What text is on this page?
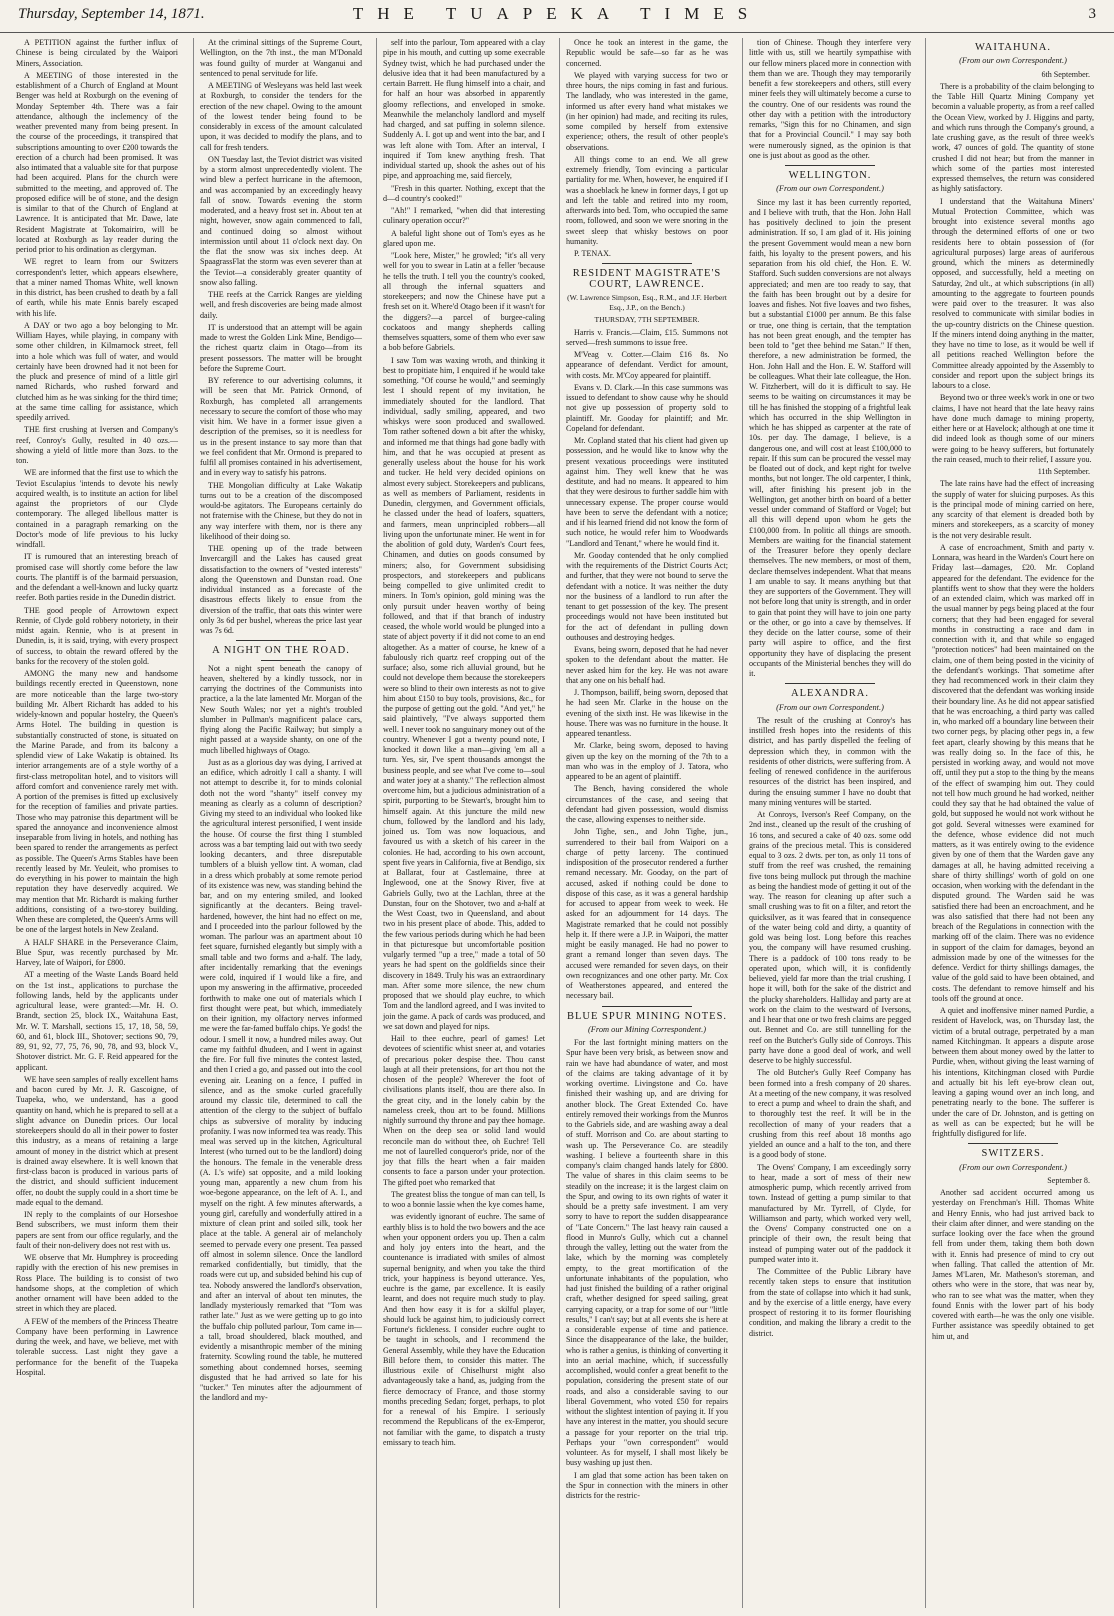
Thursday, September 14, 1871.	THE TUAPEKA TIMES	3

A PETITION against the further influx of Chinese is being circulated by the Waipori Miners, Association.

A MEETING of those interested in the establishment of a Church of England at Mount Benger was held at Roxburgh on the evening of Monday September 4th. There was a fair attendance, although the inclemency of the weather prevented many from being present. In the course of the proceedings, it transpired that subscriptions amounting to over £200 towards the erection of a church had been promised. It was also intimated that a valuable site for that purpose had been acquired. Plans for the church were submitted to the meeting, and approved of. The proposed edifice will be of stone, and the design is similar to that of the Church of England at Lawrence. It is anticipated that Mr. Dawe, late Resident Magistrate at Tokomairiro, will be located at Roxburgh as lay reader during the period prior to his ordination as clergyman.

WE regret to learn from our Switzers correspondent's letter, which appears elsewhere, that a miner named Thomas White, well known in this district, has been crushed to death by a fall of earth, while his mate Ennis barely escaped with his life.

A DAY or two ago a boy belonging to Mr. William Hayes, while playing, in company with some other children, in Kilmarnock street, fell into a hole which was full of water, and would certainly have been drowned had it not been for the pluck and presence of mind of a little girl named Richards, who rushed forward and clutched him as he was sinking for the third time; at the same time calling for assistance, which speedily arrived.

THE first crushing at Iversen and Company's reef, Conroy's Gully, resulted in 40 ozs.—showing a yield of little more than 3ozs. to the ton.

WE are informed that the first use to which the Teviot Esculapius 'intends to devote his newly acquired wealth, is to institute an action for libel against the proprietors of our Clyde contemporary. The alleged libellous matter is contained in a paragraph remarking on the Doctor's mode of life previous to his lucky windfall.

IT is rumoured that an interesting breach of promised case will shortly come before the law courts. The plantiff is of the barmaid persuasion, and the defendant a well-known and lucky quartz reefer. Both parties reside in the Dunedin district.

THE good people of Arrowtown expect Rennie, of Clyde gold robbery notoriety, in their midst again. Rennie, who is at present in Dunedin, is, it is said, trying, with every prospect of success, to obtain the reward offered by the banks for the recovery of the stolen gold.

AMONG the many new and handsome buildings recently erected in Queenstown, none are more noticeable than the large two-story building Mr. Albert Richardt has added to his widely-known and popular hostelry, the Queen's Arms Hotel. The building in question is substantially constructed of stone, is situated on the Marine Parade, and from its balcony a splendid view of Lake Wakatip is obtained. Its interior arrangements are of a style worthy of a first-class metropolitan hotel, and to visitors will afford comfort and convenience rarely met with. A portion of the premises is fitted up exclusively for the reception of families and private parties. Those who may patronise this department will be spared the annoyance and inconvenience almost inseparable from living in hotels, and nothing has been spared to render the arrangements as perfect as possible. The Queen's Arms Stables have been recently leased by Mr. Yeuleit, who promises to do everything in his power to maintain the high reputation they have deservedly acquired. We may mention that Mr. Richardt is making further additions, consisting of a two-storey building. When these are completed, the Queen's Arms will be one of the largest hotels in New Zealand.

A HALF SHARE in the Perseverance Claim, Blue Spur, was recently purchased by Mr. Harvey, late of Waipori, for £800.

AT a meeting of the Waste Lands Board held on the 1st inst., applications to purchase the following lands, held by the applicants under agricultural lease, were granted:—Mr. H. O. Brandt, section 25, block IX., Waitahuna East, Mr. W. T. Marshall, sections 15, 17, 18, 58, 59, 60, and 61, block III., Shotover; sections 90, 79, 89, 91, 92, 77, 75, 76, 90, 78, and 93, block V., Shotover district. Mr. G. F. Reid appeared for the applicant.

WE have seen samples of really excellent hams and bacon cured by Mr. J. R. Gascoigne, of Tuapeka, who, we understand, has a good quantity on hand, which he is prepared to sell at a slight advance on Dunedin prices. Our local storekeepers should do all in their power to foster this industry, as a means of retaining a large amount of money in the district which at present is drained away elsewhere. It is well known that first-class bacon is produced in various parts of the district, and should sufficient inducement offer, no doubt the supply could in a short time be made equal to the demand.

IN reply to the complaints of our Horseshoe Bend subscribers, we must inform them their papers are sent from our office regularly, and the fault of their non-delivery does not rest with us.

WE observe that Mr. Humphrey is proceeding rapidly with the erection of his new premises in Ross Place. The building is to consist of two handsome shops, at the completion of which another ornament will have been added to the street in which they are placed.

A FEW of the members of the Princess Theatre Company have been performing in Lawrence during the week, and have, we believe, met with tolerable success. Last night they gave a performance for the benefit of the Tuapeka Hospital.

At the criminal sittings of the Supreme Court, Wellington, on the 7th inst., the man M'Donald was found guilty of murder at Wanganui and sentenced to penal servitude for life.

A MEETING of Wesleyans was held last week at Roxburgh, to consider the tenders for the erection of the new chapel. Owing to the amount of the lowest tender being found to be considerably in excess of the amount calculated upon, it was decided to modify the plans, and to call for fresh tenders.

ON Tuesday last, the Teviot district was visited by a storm almost unprecedentedly violent. The wind blew a perfect hurricane in the afternoon, and was accompanied by an exceedingly heavy fall of snow. Towards evening the storm moderated, and a heavy frost set in. About ten at night, however, snow again commenced to fall, and continued doing so almost without intermission until about 11 o'clock next day. On the flat the snow was six inches deep. At SpaagrassFlat the storm was even severer than at the Teviot—a considerably greater quantity of snow also falling.

THE reefs at the Carrick Ranges are yielding well, and fresh discoveries are being made almost daily.

IT is understood that an attempt will be again made to wrest the Golden Link Mine, Bendigo—the richest quartz claim in Otago—from its present possessors. The matter will be brought before the Supreme Court.

BY reference to our advertising columns, it will be seen that Mr. Patrick Ormond, of Roxburgh, has completed all arrangements necessary to secure the comfort of those who may visit him. We have in a former issue given a description of the premises, so it is needless for us in the present instance to say more than that we feel confident that Mr. Ormond is prepared to fulfil all promises contained in his advertisement, and in every way to satisfy his patrons.

THE Mongolian difficulty at Lake Wakatip turns out to be a creation of the discomposed would-be agitators. The Europeans certainly do not fraternise with the Chinese, but they do not in any way interfere with them, nor is there any likelihood of their doing so.

THE opening up of the trade between Invercargill and the Lakes has caused great dissatisfaction to the owners of "vested interests" along the Queenstown and Dunstan road. One individual instanced as a forecaste of the disastrous effects likely to ensue from the diversion of the traffic, that oats this winter were only 3s 6d per bushel, whereas the price last year was 7s 6d.

A NIGHT ON THE ROAD.

Not a night spent beneath the canopy of heaven, sheltered by a kindly tussock, nor in carrying the doctrines of the Communists into practice, a la the late lamented Mr. Morgan of the New South Wales; nor yet a night's troubled slumber in Pullman's magnificent palace cars, flying along the Pacific Railway; but simply a night passed at a wayside shanty, on one of the much libelled highways of Otago.

Just as as a glorious day was dying, I arrived at an edifice, which adroitly I call a shanty. I will not attempt to describe it, for to minds colonial doth not the word "shanty" itself convey my meaning as clearly as a column of description? Giving my steed to an individual who looked like the agricultural interest personified, I went inside the house. Of course the first thing I stumbled across was a bar tempting laid out with two seedy looking decanters, and three disreputable tumblers of a bluish yellow tint. A woman, clad in a dress which probably at some remote period of its existence was new, was standing behind the bar, and on my entering smiled, and looked significantly at the decanters. Being travel-hardened, however, the hint had no effect on me, and I proceeded into the parlour followed by the woman. The parlour was an apartment about 10 feet square, furnished elegantly but simply with a small table and two forms and a-half. The lady, after incidentally remarking that the evenings were cold, inquired if I would like a fire, and upon my answering in the affirmative, proceeded forthwith to make one out of materials which I first thought were peat, but which, immediately on their ignition, my olfactory nerves informed me were the far-famed buffalo chips. Ye gods! the odour. I smell it now, a hundred miles away. Out came my faithful dhudeen, and I went in against the fire. For full five minutes the contest lasted, and then I cried a go, and passed out into the cool evening air. Leaning on a fence, I puffed in silence, and as the smoke curled gracefully around my classic tile, determined to call the attention of the clergy to the subject of buffalo chips as subversive of morality by inducing profanity. I was now informed tea was ready. This meal was served up in the kitchen, Agricultural Interest (who turned out to be the landlord) doing the honours. The female in the venerable dress (A. I.'s wife) sat opposite, and a mild looking young man, apparently a new chum from his woe-begone appearance, on the left of A. I., and myself on the right. A few minutes afterwards, a young girl, carefully and wonderfully attired in a mixture of clean print and soiled silk, took her place at the table. A general air of melancholy seemed to pervade every one present. Tea passed off almost in solemn silence. Once the landlord remarked confidentially, but timidly, that the roads were cut up, and subsided behind his cup of tea. Nobody answered the landlord's observation, and after an interval of about ten minutes, the landlady mysteriously remarked that "Tom was rather late." Just as we were getting up to go into the buffalo chip polluted parlour, Tom came in—a tall, broad shouldered, black mouthed, and evidently a misanthropic member of the mining fraternity. Scowling round the table, he muttered something about condemned horses, seeming disgusted that he had arrived so late for his "tucker." Ten minutes after the adjournment of the landlord and my-

self into the parlour, Tom appeared with a clay pipe in his mouth, and cutting up some execrable Sydney twist, which he had purchased under the delusive idea that it had been manufactured by a certain Barrett. He flung himself into a chair, and for half an hour was absorbed in apparently gloomy reflections, and enveloped in smoke. Meanwhile the melancholy landlord and myself had charged, and sat puffing in solemn silence. Suddenly A. I. got up and went into the bar, and I was left alone with Tom. After an interval, I inquired if Tom knew anything fresh. That individual started up, shook the ashes out of his pipe, and approaching me, said fiercely,

"Fresh in this quarter. Nothing, except that the d—d country's cooked!"

"Ah!" I remarked, "when did that interesting culinary operation occur?"

A baleful light shone out of Tom's eyes as he glared upon me.

"Look here, Mister," he growled; "it's all very well for you to swear in Latin at a feller 'because he tells the truth. I tell you the country's cooked, all through the infernal squatters and storekeepers; and now the Chinese have put a fresh set on it. Where'd Otago been if it wasn't for the diggers?—a parcel of burgee-caling cockatoos and mangy shepherds calling themselves squatters, some of them who ever saw a bob before Gabriels.

I saw Tom was waxing wroth, and thinking it best to propitiate him, I enquired if he would take something. "Of course he would," and seemingly lest I should repent of my invitation, he immediately shouted for the landlord. That individual, sadly smiling, appeared, and two whiskys were soon produced and swallowed. Tom rather softened down a bit after the whisky, and informed me that things had gone badly with him, and that he was occupied at present as generally useless about the house for his work and tucker. He held very decided opinions on almost every subject. Storekeepers and publicans, as well as members of Parliament, residents in Dunedin, clergymen, and Government officials, he classed under the head of loafers, squatters, and farmers, mean unprincipled robbers—all living upon the unfortunate miner. He went in for the abolition of gold duty, Warden's Court fees, Chinamen, and duties on goods consumed by miners; also, for Government subsidising prospectors, and storekeepers and publicans being compelled to give unlimited credit to miners. In Tom's opinion, gold mining was the only pursuit under heaven worthy of being followed, and that if that branch of industry ceased, the whole world would be plunged into a state of abject poverty if it did not come to an end altogether. As a matter of course, he knew of a fabulously rich quartz reef cropping out of the surface; also, some rich alluvial ground, but he could not develope them because the storekeepers were so blind to their own interests as not to give him about £150 to buy tools, provisions, &c., for the purpose of getting out the gold. "And yet," he said plaintively, "I've always supported them well. I never took no sanguinary money out of the country. Whenever I got a twenty pound note, I knocked it down like a man—giving 'em all a turn. Yes, sir, I've spent thousands amongst the business people, and see what I've come to—soul and water joey at a shanty." The reflection almost overcome him, but a judicious administration of a spirit, purporting to be Stewart's, brought him to himself again. At this juncture the mild new chum, followed by the landlord and his lady, joined us. Tom was now loquacious, and favoured us with a sketch of his career in the colonies. He had, according to his own account, spent five years in California, five at Bendigo, six at Ballarat, four at Castlemaine, three at Inglewood, one at the Snowy River, five at Gabriels Gully, two at the Lachlan, three at the Dunstan, four on the Shotover, two and a-half at the West Coast, two in Queensland, and about two in his present place of abode. This, added to the few various periods during which he had been in that picturesque but uncomfortable position vulgarly termed "up a tree," made a total of 50 years he had spent on the goldfields since their discovery in 1849. Truly his was an extraordinary man. After some more silence, the new chum proposed that we should play euchre, to which Tom and the landlord agreed, and I was invited to join the game. A pack of cards was produced, and we sat down and played for nips.

Hail to thee euchre, pearl of games! Let devotees of scientific whist sneer at, and votaries of precarious poker despise thee. Thou canst laugh at all their pretensions, for art thou not the chosen of the people? Wherever the foot of civilisations plants itself, thou are there also. In the great city, and in the lonely cabin by the nameless creek, thou art to be found. Millions nightly surround thy throne and pay thee homage. When on the deep sea or solid land would reconcile man do without thee, oh Euchre! Tell me not of laurelled conqueror's pride, nor of the joy that fills the heart when a fair maiden consents to face a parson under your protection. The gifted poet who remarked that

The greatest bliss the tongue of man can tell, Is to woo a bonnie lassie when the kye comes hame,

was evidently ignorant of euchre. The same of earthly bliss is to hold the two bowers and the ace when your opponent orders you up. Then a calm and holy joy enters into the heart, and the countenance is irradiated with smiles of almost supernal benignity, and when you take the third trick, your happiness is beyond utterance. Yes, euchre is the game, par excellence. It is easily learnt, and does not require much study to play. And then how easy it is for a skilful player, should luck be against him, to judiciously correct Fortune's fickleness. I consider euchre ought to be taught in schools, and I recommend the General Assembly, while they have the Education Bill before them, to consider this matter. The illustrious exile of Chiselhurst might also advantageously take a hand, as, judging from the fierce democracy of France, and those stormy months preceding Sedan; forget, perhaps, to plot for a renewal of his Empire. I seriously recommend the Republicans of the ex-Emperor, not familiar with the game, to dispatch a trusty emissary to teach him.

Once he took an interest in the game, the Republic would be safe—so far as he was concerned.

We played with varying success for two or three hours, the nips coming in fast and furious. The landlady, who was interested in the game, informed us after every hand what mistakes we (in her opinion) had made, and reciting its rules, some compiled by herself from extensive experience; others, the result of other people's observations.

All things come to an end. We all grew extremely friendly, Tom evincing a particular partiality for me. When, however, he enquired if I was a shoeblack he knew in former days, I got up and left the table and retired into my room, afterwards into bed. Tom, who occupied the same room, followed, and soon we were snoring in the sweet sleep that whisky bestows on poor humanity.

P. TENAX.

RESIDENT MAGISTRATE'S COURT, LAWRENCE.
(W. Lawrence Simpson, Esq., R.M., and J.F. Herbert Esq., J.P., on the Bench.)
THURSDAY, 7TH SEPTEMBER.

Harris v. Francis.—Claim, £15. Summons not served—fresh summons to issue free.

M'Veag v. Cotter.—Claim £16 8s. No appearance of defendant. Verdict for amount, with costs. Mr. M'Coy appeared for plaintiff.

Evans v. D. Clark.—In this case summons was issued to defendant to show cause why he should not give up possession of property sold to plaintiff. Mr. Gooday for plaintiff; and Mr. Copeland for defendant.

Mr. Copland stated that his client had given up possession, and he would like to know why the present vexatious proceedings were instituted against him. They well knew that he was destitute, and had no means. It appeared to him that they were desirous to further saddle him with unnecessary expense. The proper course would have been to serve the defendant with a notice; and if his learned friend did not know the form of such notice, he would refer him to Woodwards "Landlord and Tenant," where he would find it.

Mr. Gooday contended that he only complied with the requirements of the District Courts Act; and further, that they were not bound to serve the defendant with a notice. It was neither the duty nor the business of a landlord to run after the tenant to get possession of the key. The present proceedings would not have been instituted but for the act of defendant in pulling down outhouses and destroying hedges.

Evans, being sworn, deposed that he had never spoken to the defendant about the matter. He never asked him for the key. He was not aware that any one on his behalf had.

J. Thompson, bailiff, being sworn, deposed that he had seen Mr. Clarke in the house on the evening of the sixth inst. He was likewise in the house. There was was no furniture in the house. It appeared tenantless.

Mr. Clarke, being sworn, deposed to having given up the key on the morning of the 7th to a man who was in the employ of J. Tatora, who appeared to be an agent of plaintiff.

The Bench, having considered the whole circumstances of the case, and seeing that defendant had given possession, would dismiss the case, allowing expenses to neither side.

John Tighe, sen., and John Tighe, jun., surrendered to their bail from Waipori on a charge of petty larceny. The continued indisposition of the prosecutor rendered a further remand necessary. Mr. Gooday, on the part of accused, asked if nothing could be done to dispose of this case, as it was a general hardship for accused to appear from week to week. He asked for an adjournment for 14 days. The Magistrate remarked that he could not possibly help it. If there were a J.P. in Waipori, the matter might be easily managed. He had no power to grant a remand longer than seven days. The accused were remanded for seven days, on their own recognizances and one other party. Mr. Cox of Weatherstones appeared, and entered the necessary bail.

BLUE SPUR MINING NOTES.
(From our Mining Correspondent.)

For the last fortnight mining matters on the Spur have been very brisk, as between snow and rain we have had abundance of water, and most of the claims are taking advantage of it by working overtime. Livingstone and Co. have finished their washing up, and are driving for another block. The Great Extended Co. have entirely removed their workings from the Munros to the Gabriels side, and are washing away a deal of stuff. Morrison and Co. are about starting to wash up. The Perseverance Co. are steadily washing. I believe a fourteenth share in this company's claim changed hands lately for £800. The value of shares in this claim seems to be steadily on the increase; it is the largest claim on the Spur, and owing to its own rights of water it should be a pretty safe investment. I am very sorry to have to report the sudden disappearance of "Late Concern." The last heavy rain caused a flood in Munro's Gully, which cut a channel through the valley, letting out the water from the lake, which by the morning was completely empty, to the great mortification of the unfortunate inhabitants of the population, who had just finished the building of a rather original craft, whether designed for speed sailing, great carrying capacity, or a trap for some of our "little results," I can't say; but at all events she is here at a considerable expense of time and patience. Since the disappearance of the lake, the builder, who is rather a genius, is thinking of converting it into an aerial machine, which, if successfully accomplished, would confer a great benefit to the population, considering the present state of our roads, and also a considerable saving to our liberal Government, who voted £50 for repairs without the slightest intention of paying it. If you have any interest in the matter, you should secure a passage for your reporter on the trial trip. Perhaps your "own correspondent" would volunteer. As for myself, I shall most likely be busy washing up just then.

I am glad that some action has been taken on the Spur in connection with the miners in other districts for the restric-

tion of Chinese. Though they interfere very little with us, still we heartily sympathise with our fellow miners placed more in connection with them than we are. Though they may temporarily benefit a few storekeepers and others, still every miner feels they will ultimately become a curse to the country. One of our residents was round the other day with a petition with the introductory remarks, "Sign this for no Chinamen, and sign that for a Provincial Council." I may say both were numerously signed, as the opinion is that one is just about as good as the other.

WELLINGTON.
(From our own Correspondent.)

Since my last it has been currently reported, and I believe with truth, that the Hon. John Hall has positively declined to join the present administration. If so, I am glad of it. His joining the present Government would mean a new born faith, his loyalty to the present powers, and his separation from his old chief, the Hon. E. W. Stafford. Such sudden conversions are not always appreciated; and men are too ready to say, that the faith has been brought out by a desire for loaves and fishes. Not five loaves and two fishes, but a substantial £1000 per annum. Be this false or true, one thing is certain, that the temptation has not been great enough, and the tempter has been told to "get thee behind me Satan." If then, therefore, a new administration be formed, the Hon. John Hall and the Hon. E. W. Stafford will be colleagues. What their late colleague, the Hon. W. Fitzherbert, will do it is difficult to say. He seems to be waiting on circumstances it may be till he has finished the stopping of a frightful leak which has occurred in the ship Wellington in which he has shipped as carpenter at the rate of 10s. per day. The damage, I believe, is a dangerous one, and will cost at least £100,000 to repair. If this sum can be procured the vessel may be floated out of dock, and kept right for twelve months, but not longer. The old carpenter, I think, will, after finishing his present job in the Wellington, get another birth on board of a better vessel under command of Stafford or Vogel; but all this will depend upon whom he gets the £100,000 from. In politic all things are smooth. Members are waiting for the financial statement of the Treasurer before they openly declare themselves. The new members, or most of them, declare themselves independent. What that means I am unable to say. It means anything but that they are supporters of the Government. They will not before long that unity is strength, and in order to gain that point they will have to join one party or the other, or go into a cave by themselves. If they decide on the latter course, some of their party will aspire to office, and the first opportunity they have of displacing the present occupants of the Ministerial benches they will do it.

ALEXANDRA.
(From our own Correspondent.)

The result of the crushing at Conroy's has instilled fresh hopes into the residents of this district, and has partly dispelled the feeling of depression which they, in common with the residents of other districts, were suffering from. A feeling of renewed confidence in the auriferous resources of the district has been inspired, and during the ensuing summer I have no doubt that many mining ventures will be started.

At Conroys, Iverson's Reef Company, on the 2nd inst., cleaned up the result of the crushing of 16 tons, and secured a cake of 40 ozs. some odd grains of the precious metal. This is considered equal to 3 ozs. 2 dwts. per ton, as only 11 tons of stuff from the reef was crushed, the remaining five tons being mullock put through the machine as being the handiest mode of getting it out of the way. The reason for cleaning up after such a small crushing was to fit on a filter, and retort the quicksilver, as it was feared that in consequence of the water being cold and dirty, a quantity of gold was being lost. Long before this reaches you, the company will have resumed crushing. There is a paddock of 100 tons ready to be operated upon, which will, it is confidently believed, yield far more than the trial crushing. I hope it will, both for the sake of the district and the plucky shareholders. Halliday and party are at work on the claim to the westward of Iversons, and I hear that one or two fresh claims are pegged out. Bennet and Co. are still tunnelling for the reef on the Butcher's Gully side of Conroys. This party have done a good deal of work, and well deserve to be highly successful.

The old Butcher's Gully Reef Company has been formed into a fresh company of 20 shares. At a meeting of the new company, it was resolved to erect a pump and wheel to drain the shaft, and to thoroughly test the reef. It will be in the recollection of many of your readers that a crushing from this reef about 18 months ago yielded an ounce and a half to the ton, and there is a good body of stone.

The Ovens' Company, I am exceedingly sorry to hear, made a sort of mess of their new atmospheric pump, which recently arrived from town. Instead of getting a pump similar to that manufactured by Mr. Tyrrell, of Clyde, for Williamson and party, which worked very well, the Ovens' Company constructed one on a principle of their own, the result being that instead of pumping water out of the paddock it pumped water into it.

The Committee of the Public Library have recently taken steps to ensure that institution from the state of collapse into which it had sunk, and by the exercise of a little energy, have every prospect of restoring it to its former flourishing condition, and making the library a credit to the district.

WAITAHUNA.
(From our own Correspondent.)

6th September.

There is a probability of the claim belonging to the Table Hill Quartz Mining Company yet becomin a valuable property, as from a reef called the Ocean View, worked by J. Higgins and party, and which runs through the Company's ground, a late crushing gave, as the result of three week's work, 47 ounces of gold. The quantity of stone crushed I did not hear; but from the manner in which some of the parties most interested expressed themselves, the return was considered as highly satisfactory.

I understand that the Waitahuna Miners' Mutual Protection Committee, which was brought into existence several months ago through the determined efforts of one or two residents here to obtain possession of (for agricultural purposes) large areas of auriferous ground, which the miners as determinedly opposed, and successfully, held a meeting on Saturday, 2nd ult., at which subscriptions (in all) amounting to the aggregate to fourteen pounds were paid over to the treasurer. It was also resolved to communicate with similar bodies in the up-country districts on the Chinese question. If the miners intend doing anything in the matter, they have no time to lose, as it would be well if all petitions reached Wellington before the Committee already appointed by the Assembly to consider and report upon the subject brings its labours to a close.

Beyond two or three week's work in one or two claims, I have not heard that the late heavy rains have done much damage to mining property, either here or at Havelock; although at one time it did indeed look as though some of our miners were going to be heavy sufferers, but fortunately the rain ceased, much to their relief, I assure you.

11th September.

The late rains have had the effect of increasing the supply of water for sluicing purposes. As this is the principal mode of mining carried on here, any scarcity of that element is dreaded both by miners and storekeepers, as a scarcity of money is the not very desirable result.

A case of encroachment, Smith and party v. Lonnara, was heard in the Warden's Court here on Friday last—damages, £20. Mr. Copland appeared for the defendant. The evidence for the plantiffs went to show that they were the holders of an extended claim, which was marked off in the usual manner by pegs being placed at the four corners; that they had been engaged for several months in constructing a race and dam in connection with it, and that while so engaged "protection notices" had been maintained on the claim, one of them being posted in the vicinity of the defendant's workings. That sometime after they had recommenced work in their claim they discovered that the defendant was working inside their boundary line. As he did not appear satisfied that he was encroaching, a third party was called in, who marked off a boundary line between their two corner pegs, by placing other pegs in, a few feet apart, clearly showing by this means that he was really doing so. In the face of this, he persisted in working away, and would not move off, until they put a stop to the thing by the means of the effect of swamping him out. They could not tell how much ground he had worked, neither could they say that he had obtained the value of gold, but supposed he would not work without he got gold. Several witnesses were examined for the defence, whose evidence did not much matters, as it was entirely owing to the evidence given by one of them that the Warden gave any damages at all, he having admitted receiving a share of thirty shillings' worth of gold on one occasion, when working with the defendant in the disputed ground. The Warden said he was satisfied there had been an encroachment, and he was also satisfied that there had not been any breach of the Regulations in connection with the marking off of the claim. There was no evidence in support of the claim for damages, beyond an admission made by one of the witnesses for the defence. Verdict for thirty shillings damages, the value of the gold said to have been obtained, and costs. The defendant to remove himself and his tools off the ground at once.

A quiet and inoffensive miner named Purdie, a resident of Havelock, was, on Thursday last, the victim of a brutal outrage, perpetrated by a man named Kitchingman. It appears a dispute arose between them about money owed by the latter to Purdie, when, without giving the least warning of his intentions, Kitchingman closed with Purdie and actually bit his left eye-brow clean out, leaving a gaping wound over an inch long, and penetrating nearly to the bone. The sufferer is under the care of Dr. Johnston, and is getting on as well as can be expected; but he will be frightfully disfigured for life.

SWITZERS.
(From our own Correspondent.)

September 8.

Another sad accident occurred among us yesterday on Frenchman's Hill. Thomas White and Henry Ennis, who had just arrived back to their claim after dinner, and were standing on the surface looking over the face when the ground fell from under them, taking them both down with it. Ennis had presence of mind to cry out when falling. That called the attention of Mr. James M'Laren, Mr. Matheson's storeman, and others who were in the store, that was near by, who ran to see what was the matter, when they found Ennis with the lower part of his body covered with earth—he was the only one visible. Further assistance was speedily obtained to get him ut, and
